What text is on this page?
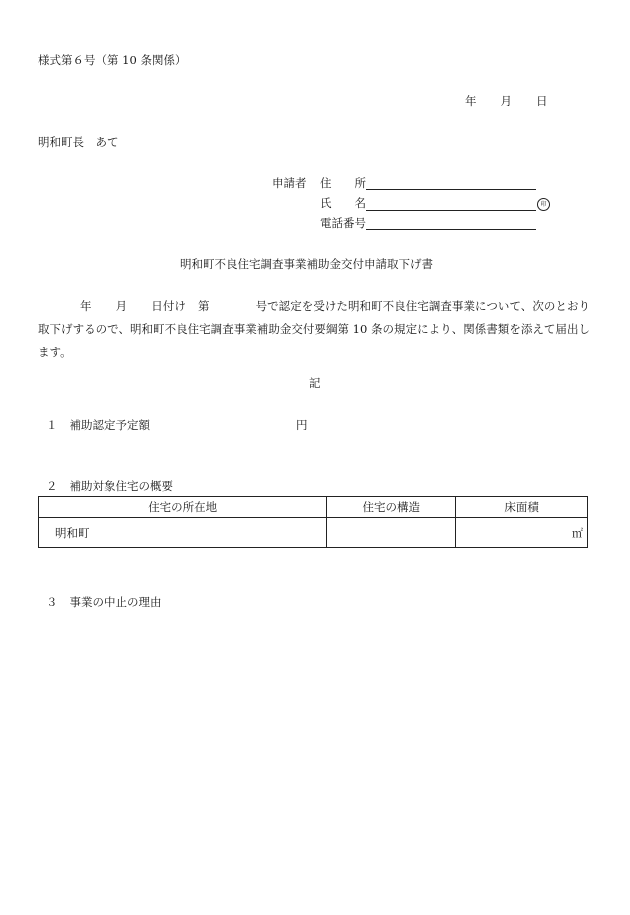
様式第６号（第 10 条関係）
年 月 日
明和町長　あて
申請者 住　　所
氏　　名	印
電話番号
明和町不良住宅調査事業補助金交付申請取下げ書
年 月 日付け 第	号で認定を受けた明和町不良住宅調査事業について、次のとおり取下げするので、明和町不良住宅調査事業補助金交付要綱第 10 条の規定により、関係書類を添えて届出します。
記
１ 補助認定予定額	円
２ 補助対象住宅の概要
住宅の所在地	住宅の構造	床面積
明和町		㎡
３ 事業の中止の理由
